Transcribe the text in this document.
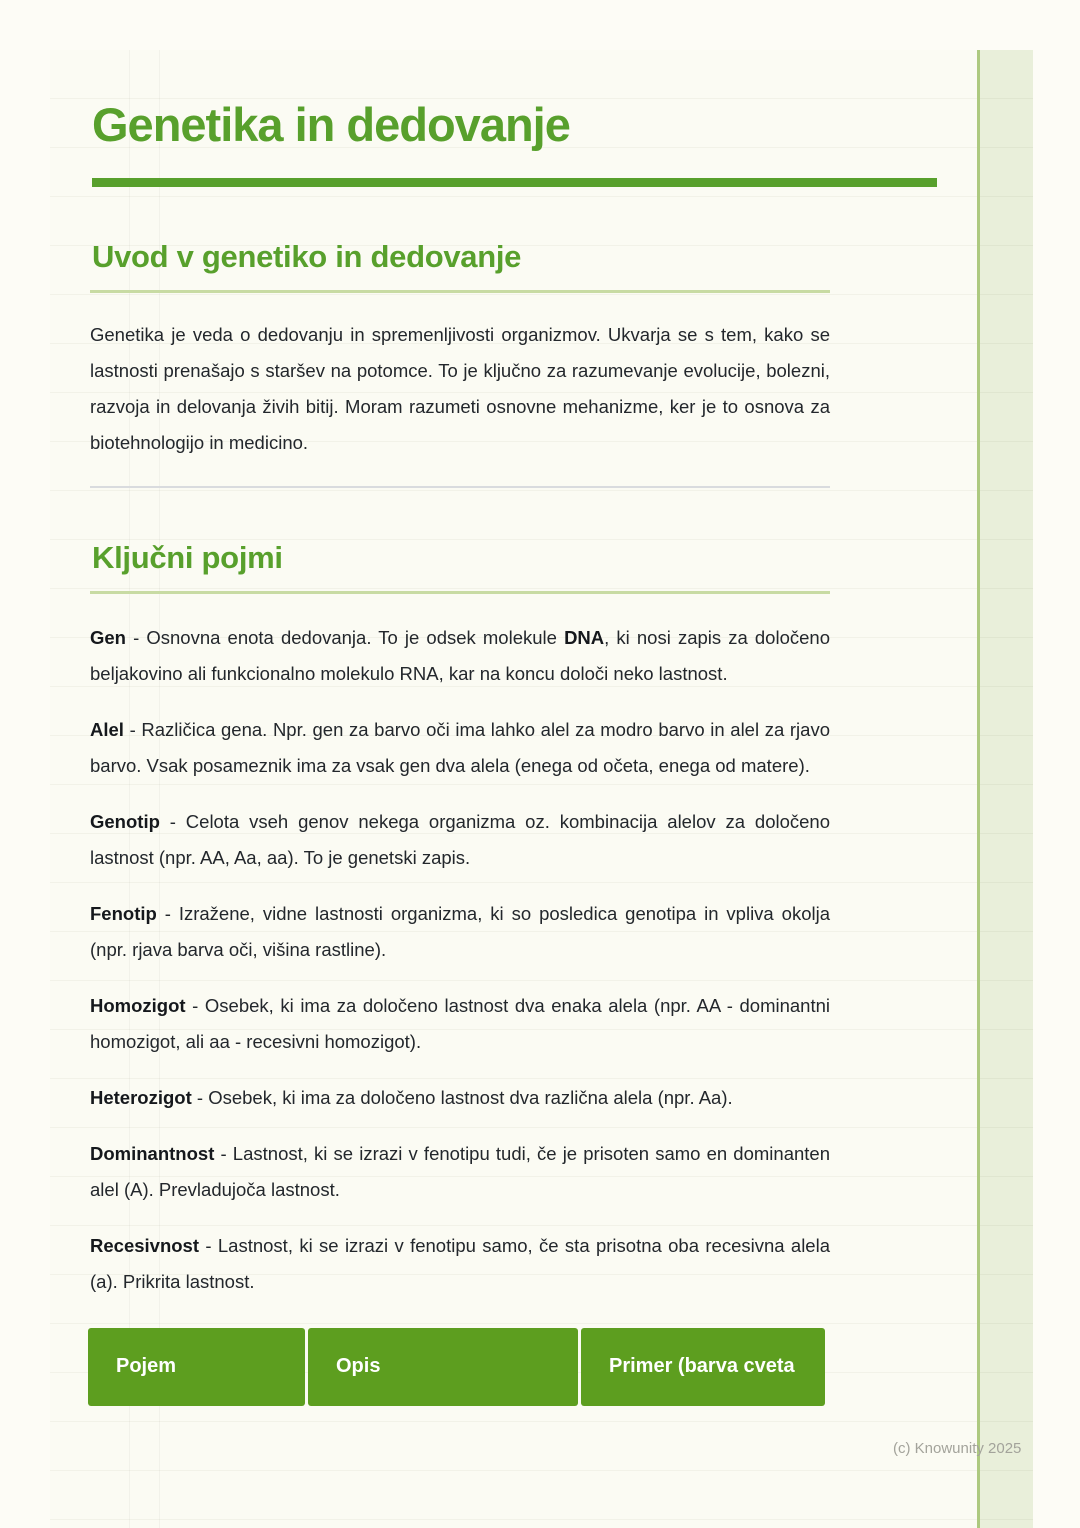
Genetika in dedovanje
Uvod v genetiko in dedovanje

Genetika je veda o dedovanju in spremenljivosti organizmov. Ukvarja se s tem, kako se lastnosti prenašajo s staršev na potomce. To je ključno za razumevanje evolucije, bolezni, razvoja in delovanja živih bitij. Moram razumeti osnovne mehanizme, ker je to osnova za biotehnologijo in medicino.

Ključni pojmi

Gen - Osnovna enota dedovanja. To je odsek molekule DNA, ki nosi zapis za določeno beljakovino ali funkcionalno molekulo RNA, kar na koncu določi neko lastnost.

Alel - Različica gena. Npr. gen za barvo oči ima lahko alel za modro barvo in alel za rjavo barvo. Vsak posameznik ima za vsak gen dva alela (enega od očeta, enega od matere).

Genotip - Celota vseh genov nekega organizma oz. kombinacija alelov za določeno lastnost (npr. AA, Aa, aa). To je genetski zapis.

Fenotip - Izražene, vidne lastnosti organizma, ki so posledica genotipa in vpliva okolja (npr. rjava barva oči, višina rastline).

Homozigot - Osebek, ki ima za določeno lastnost dva enaka alela (npr. AA - dominantni homozigot, ali aa - recesivni homozigot).

Heterozigot - Osebek, ki ima za določeno lastnost dva različna alela (npr. Aa).

Dominantnost - Lastnost, ki se izrazi v fenotipu tudi, če je prisoten samo en dominanten alel (A). Prevladujoča lastnost.

Recesivnost - Lastnost, ki se izrazi v fenotipu samo, če sta prisotna oba recesivna alela (a). Prikrita lastnost.

Pojem	Opis	Primer (barva cveta
(c) Knowunity 2025
